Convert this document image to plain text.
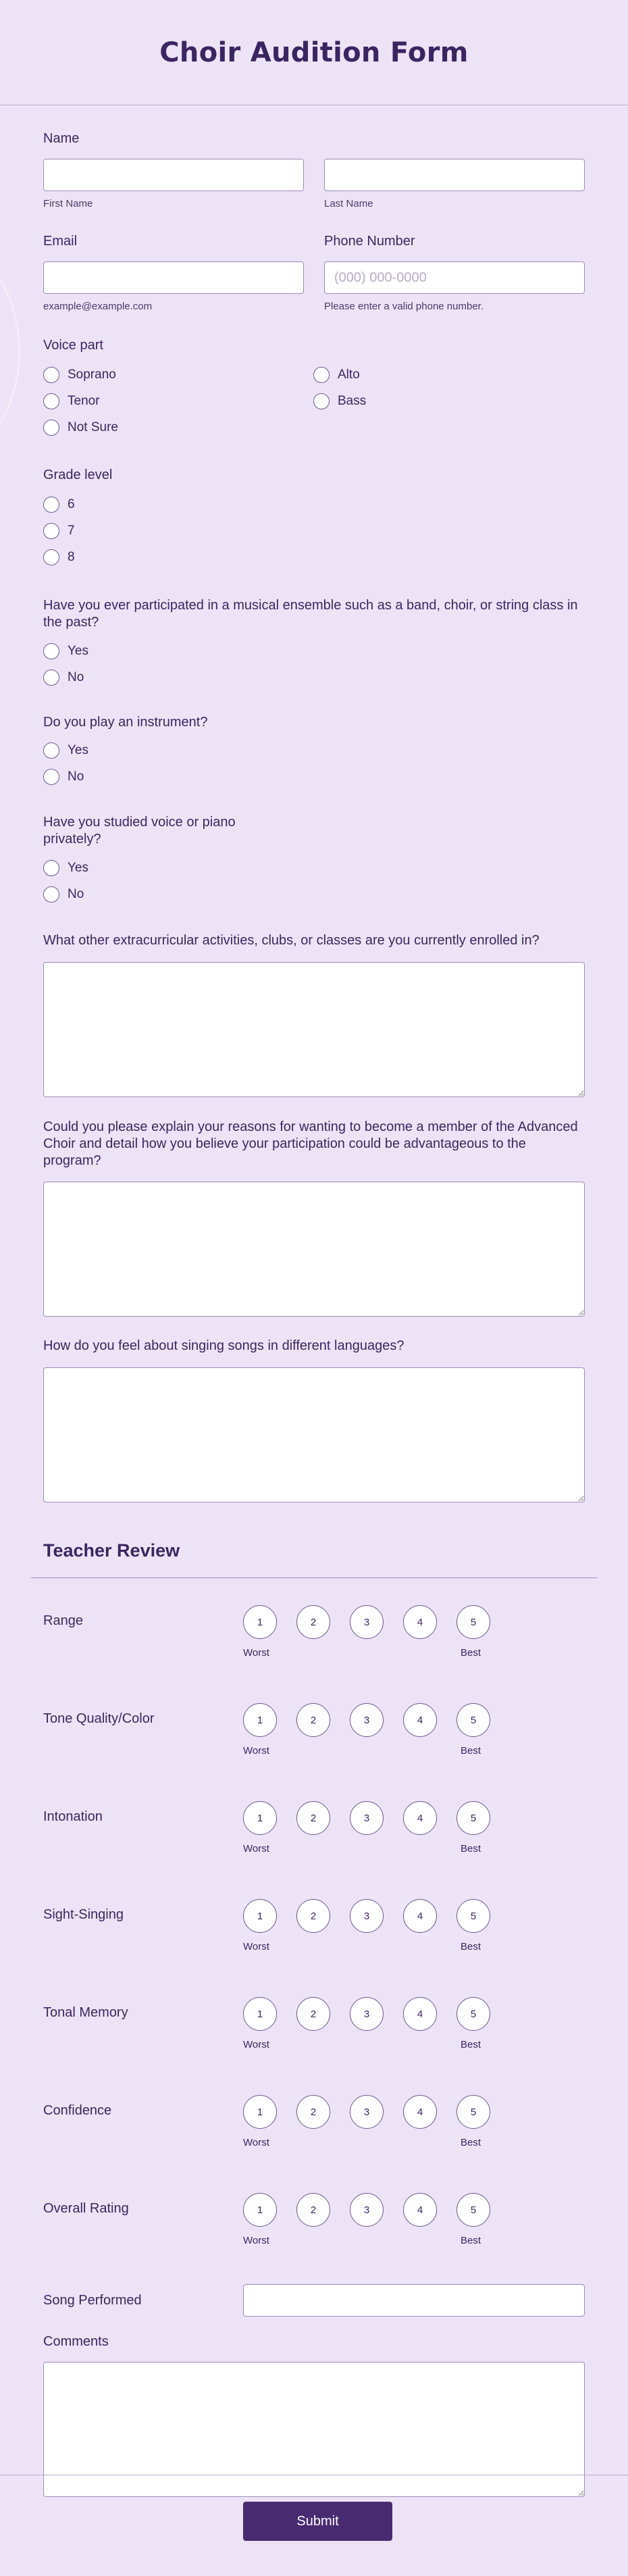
Choir Audition Form
Name
First Name	Last Name
Email
example@example.com
Phone Number
(000) 000-0000
Please enter a valid phone number.
Voice part
Soprano	Alto
Tenor	Bass
Not Sure
Grade level
6
7
8
Have you ever participated in a musical ensemble such as a band, choir, or string class in the past?
Yes
No
Do you play an instrument?
Yes
No
Have you studied voice or piano privately?
Yes
No
What other extracurricular activities, clubs, or classes are you currently enrolled in?
Could you please explain your reasons for wanting to become a member of the Advanced Choir and detail how you believe your participation could be advantageous to the program?
How do you feel about singing songs in different languages?
Teacher Review
Range	1	2	3	4	5
Worst	Best
Tone Quality/Color	1	2	3	4	5
Worst	Best
Intonation	1	2	3	4	5
Worst	Best
Sight-Singing	1	2	3	4	5
Worst	Best
Tonal Memory	1	2	3	4	5
Worst	Best
Confidence	1	2	3	4	5
Worst	Best
Overall Rating	1	2	3	4	5
Worst	Best
Song Performed
Comments
Submit
